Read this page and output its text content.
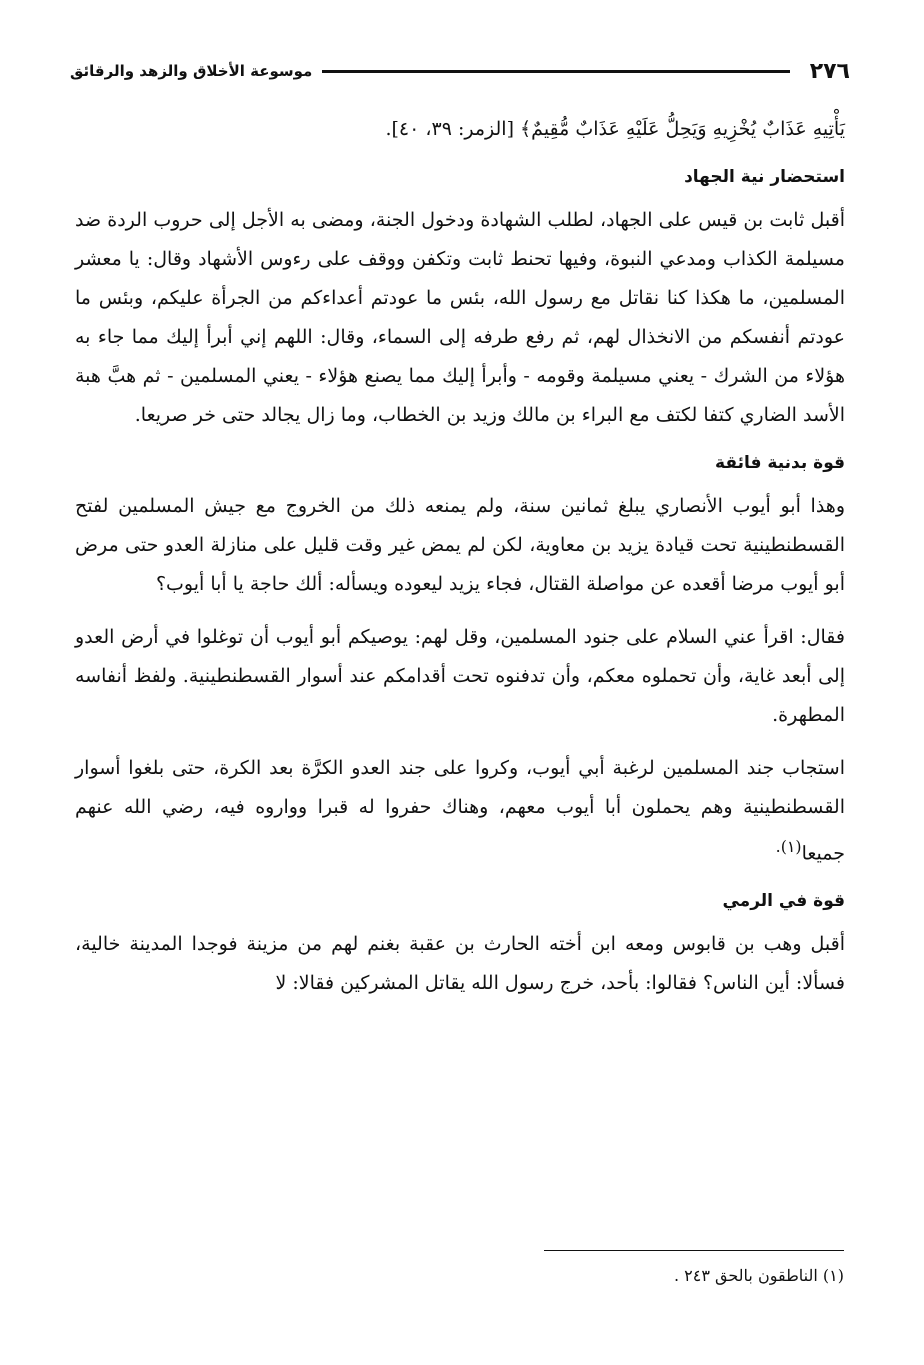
٢٧٦
موسوعة الأخلاق والزهد والرقائق

يَأْتِيهِ عَذَابٌ يُخْزِيهِ وَيَحِلُّ عَلَيْهِ عَذَابٌ مُّقِيمٌ﴾ [الزمر: ٣٩، ٤٠].

استحضار نية الجهاد

أقبل ثابت بن قيس على الجهاد، لطلب الشهادة ودخول الجنة، ومضى به الأجل إلى حروب الردة ضد مسيلمة الكذاب ومدعي النبوة، وفيها تحنط ثابت وتكفن ووقف على رءوس الأشهاد وقال: يا معشر المسلمين، ما هكذا كنا نقاتل مع رسول الله، بئس ما عودتم أعداءكم من الجرأة عليكم، وبئس ما عودتم أنفسكم من الانخذال لهم، ثم رفع طرفه إلى السماء، وقال: اللهم إني أبرأ إليك مما جاء به هؤلاء من الشرك - يعني مسيلمة وقومه - وأبرأ إليك مما يصنع هؤلاء - يعني المسلمين - ثم هبَّ هبة الأسد الضاري كتفا لكتف مع البراء بن مالك وزيد بن الخطاب، وما زال يجالد حتى خر صريعا.

قوة بدنية فائقة

وهذا أبو أيوب الأنصاري يبلغ ثمانين سنة، ولم يمنعه ذلك من الخروج مع جيش المسلمين لفتح القسطنطينية تحت قيادة يزيد بن معاوية، لكن لم يمض غير وقت قليل على منازلة العدو حتى مرض أبو أيوب مرضا أقعده عن مواصلة القتال، فجاء يزيد ليعوده ويسأله: ألك حاجة يا أبا أيوب؟

فقال: اقرأ عني السلام على جنود المسلمين، وقل لهم: يوصيكم أبو أيوب أن توغلوا في أرض العدو إلى أبعد غاية، وأن تحملوه معكم، وأن تدفنوه تحت أقدامكم عند أسوار القسطنطينية. ولفظ أنفاسه المطهرة.

استجاب جند المسلمين لرغبة أبي أيوب، وكروا على جند العدو الكرَّة بعد الكرة، حتى بلغوا أسوار القسطنطينية وهم يحملون أبا أيوب معهم، وهناك حفروا له قبرا وواروه فيه، رضي الله عنهم جميعا$^{(١).}$

قوة في الرمي

أقبل وهب بن قابوس ومعه ابن أخته الحارث بن عقبة بغنم لهم من مزينة فوجدا المدينة خالية، فسألا: أين الناس؟ فقالوا: بأحد، خرج رسول الله يقاتل المشركين فقالا: لا

(١) الناطقون بالحق ٢٤٣ .
